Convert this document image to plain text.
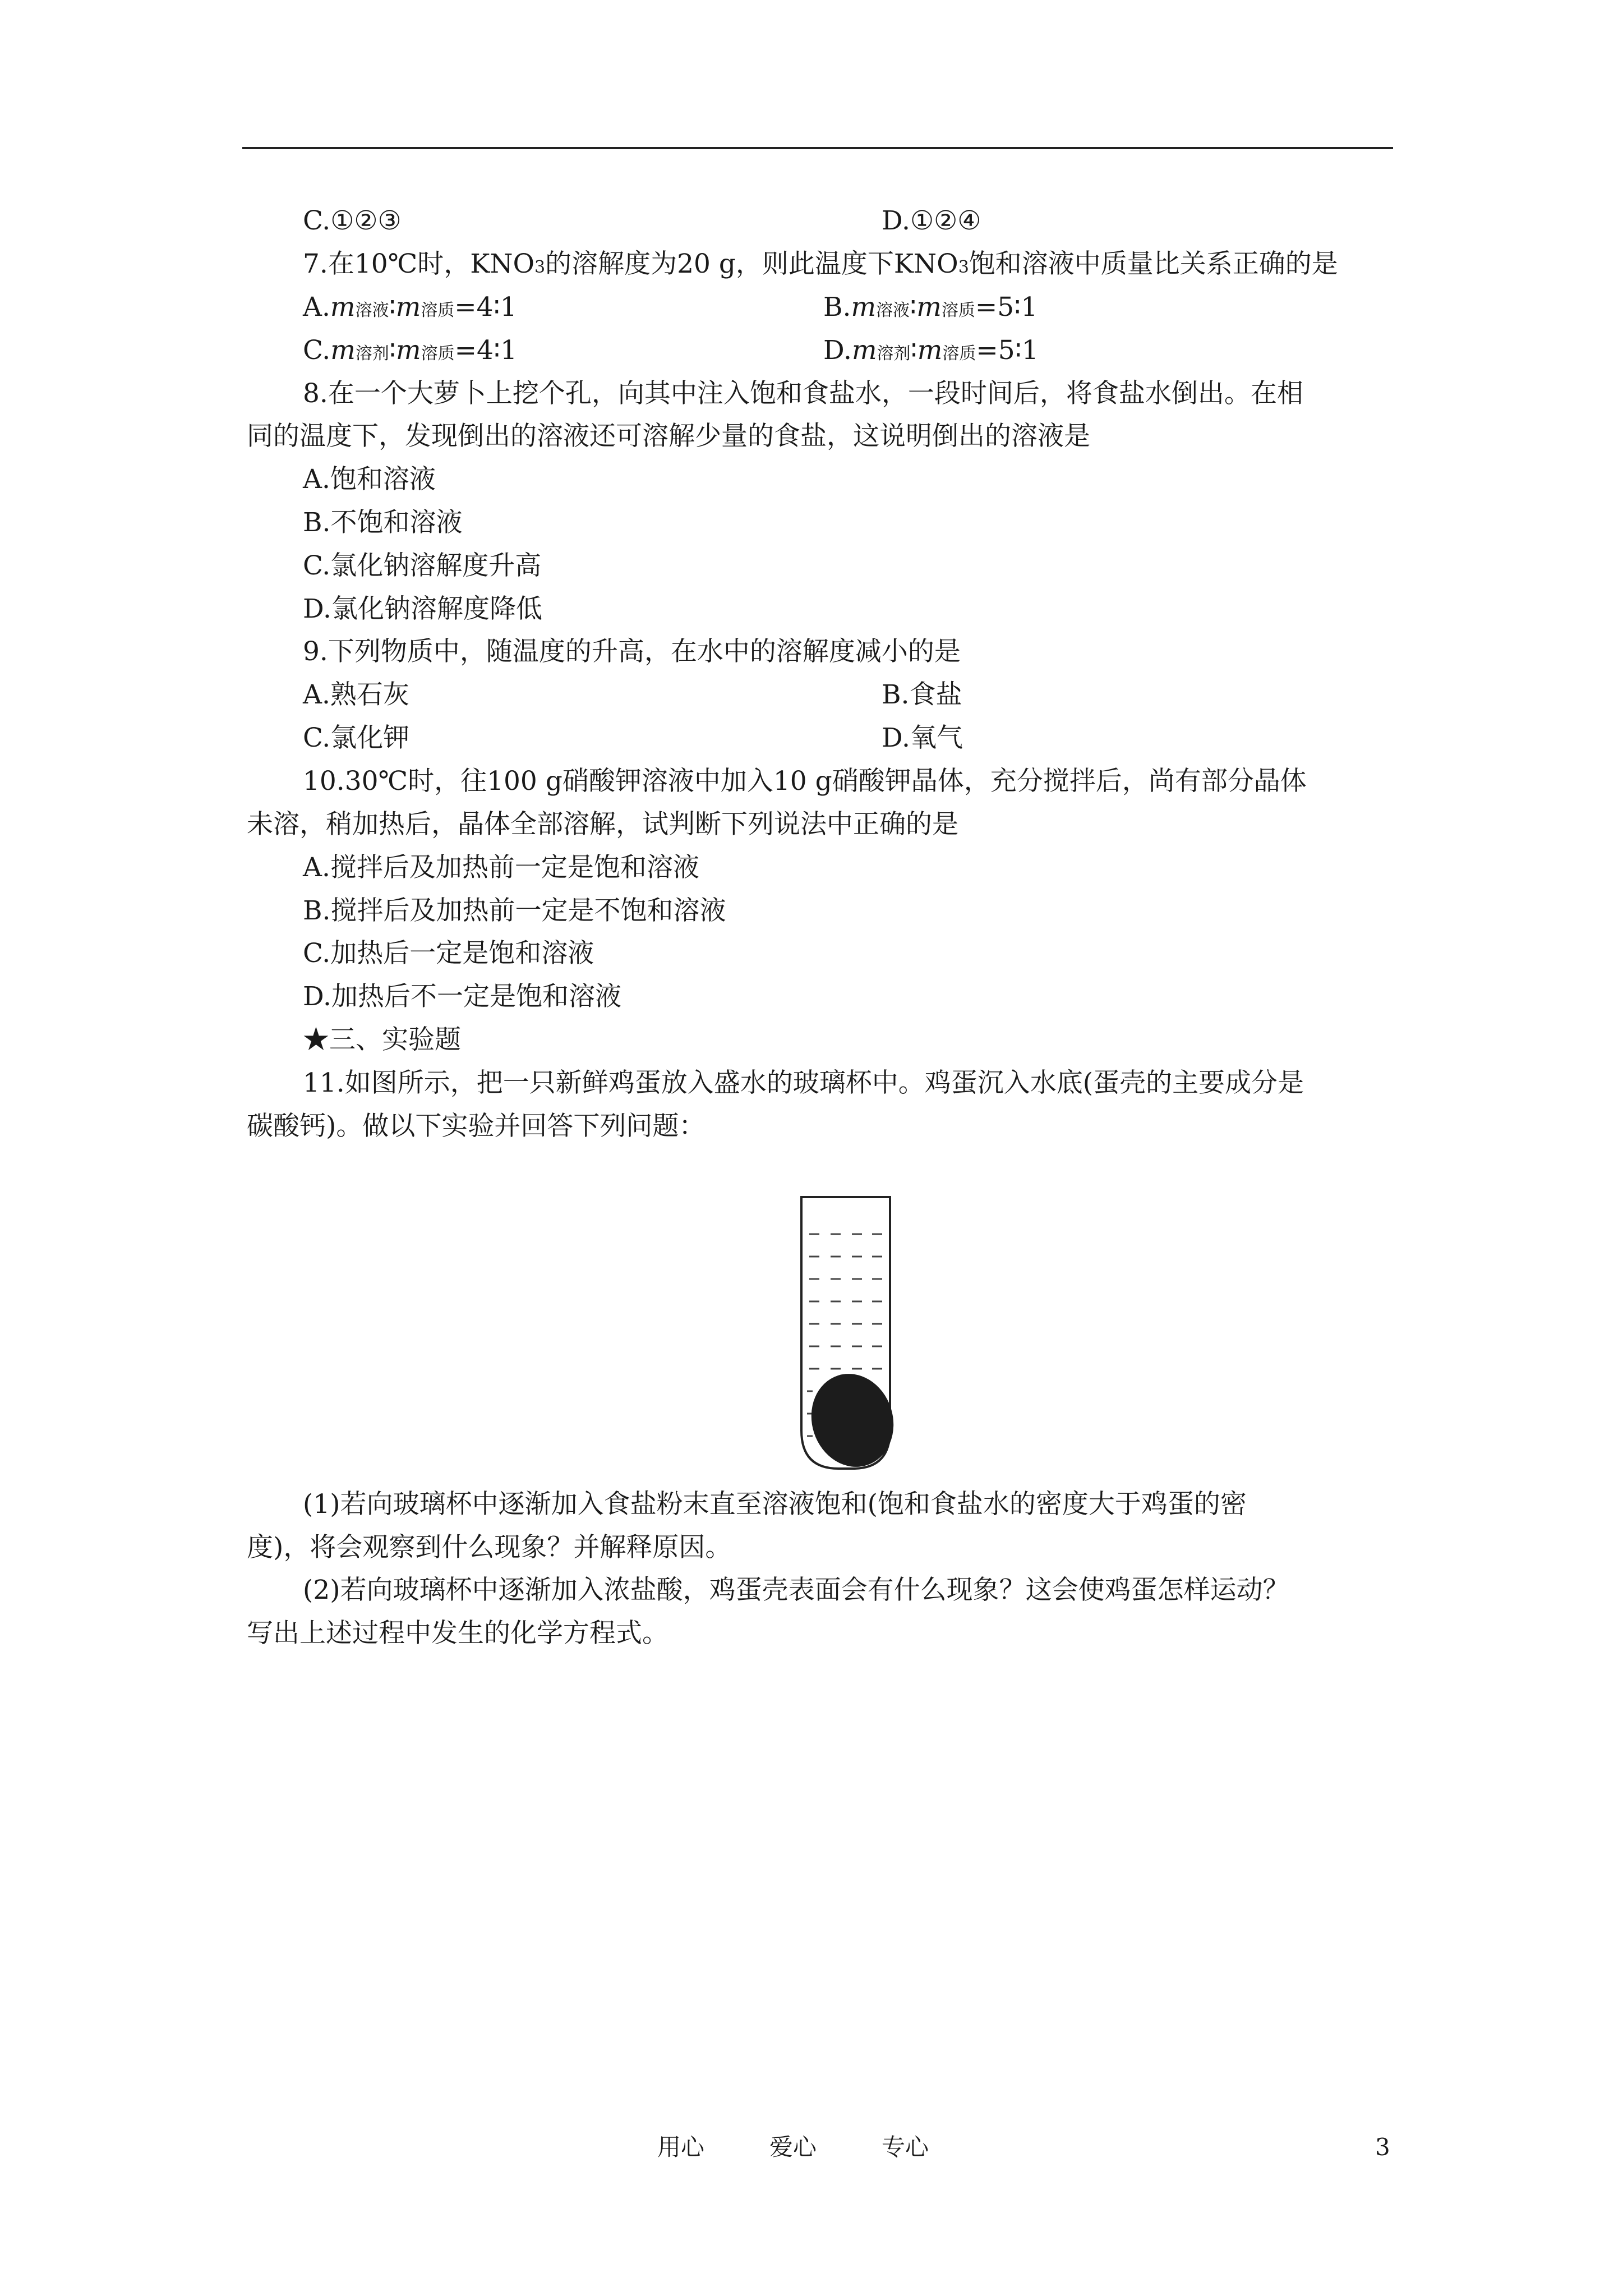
C.①②③	D.①②④
7.在10℃时，KNO3的溶解度为20 g，则此温度下KNO3饱和溶液中质量比关系正确的是
A.m溶液∶m溶质=4∶1	B.m溶液∶m溶质=5∶1
C.m溶剂∶m溶质=4∶1	D.m溶剂∶m溶质=5∶1
8.在一个大萝卜上挖个孔，向其中注入饱和食盐水，一段时间后，将食盐水倒出。在相
同的温度下，发现倒出的溶液还可溶解少量的食盐，这说明倒出的溶液是
A.饱和溶液
B.不饱和溶液
C.氯化钠溶解度升高
D.氯化钠溶解度降低
9.下列物质中，随温度的升高，在水中的溶解度减小的是
A.熟石灰	B.食盐
C.氯化钾	D.氧气
10.30℃时，往100 g硝酸钾溶液中加入10 g硝酸钾晶体，充分搅拌后，尚有部分晶体
未溶，稍加热后，晶体全部溶解，试判断下列说法中正确的是
A.搅拌后及加热前一定是饱和溶液
B.搅拌后及加热前一定是不饱和溶液
C.加热后一定是饱和溶液
D.加热后不一定是饱和溶液
★三、实验题
11.如图所示，把一只新鲜鸡蛋放入盛水的玻璃杯中。鸡蛋沉入水底(蛋壳的主要成分是
碳酸钙)。做以下实验并回答下列问题：
(1)若向玻璃杯中逐渐加入食盐粉末直至溶液饱和(饱和食盐水的密度大于鸡蛋的密
度)，将会观察到什么现象？并解释原因。
(2)若向玻璃杯中逐渐加入浓盐酸，鸡蛋壳表面会有什么现象？这会使鸡蛋怎样运动？
写出上述过程中发生的化学方程式。
用心	爱心	专心	3
